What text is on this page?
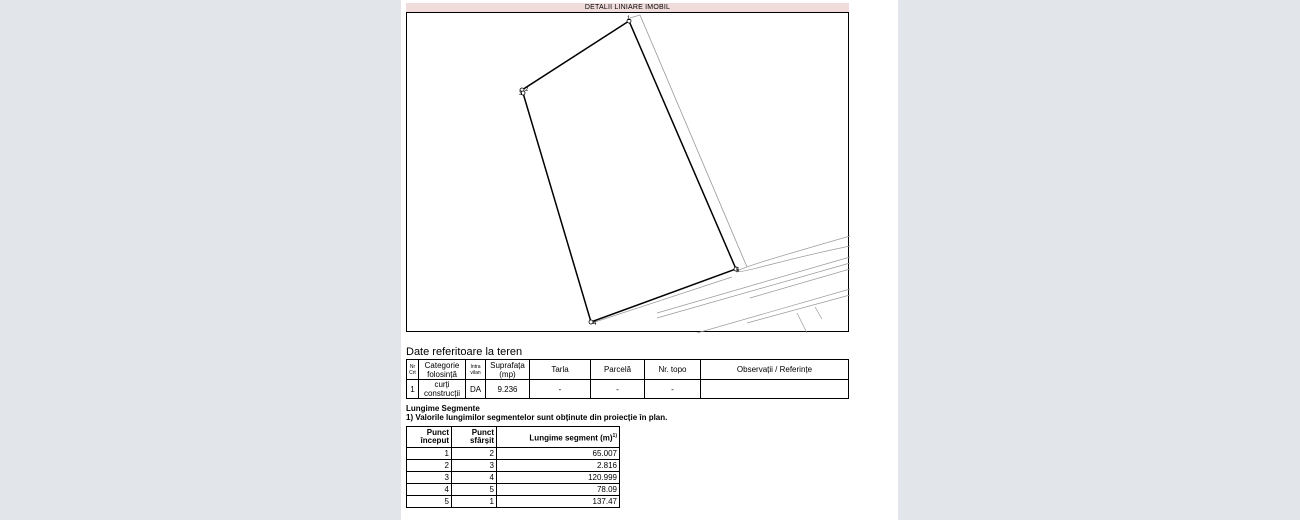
DETALII LINIARE IMOBIL
1
2
3
4
5
Date referitoare la teren
Nr Crt	Categorie folosință	Intra vilan	Suprafața (mp)	Tarla	Parcelă	Nr. topo	Observații / Referințe
1	curți construcții	DA	9.236	-	-	-	
Lungime Segmente
1) Valorile lungimilor segmentelor sunt obținute din proiecție în plan.
Punct început	Punct sfârșit	Lungime segment $(m)^{1)}$
1	2	65.007
2	3	2.816
3	4	120.999
4	5	78.09
5	1	137.47
